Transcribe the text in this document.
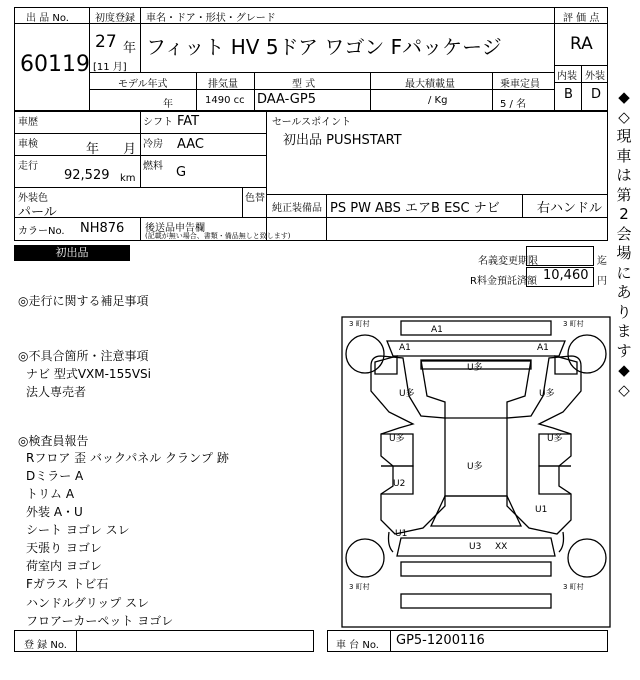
出 品 No.
60119
初度登録
27 年
[11 月]
車名・ドア・形状・グレード
フィット HV 5ドア ワゴン Fパッケージ
評 価 点
RA
内装 外装
B D
モデル年式
年
排気量
1490 cc
型 式
DAA-GP5
最大積載量
/ Kg
乗車定員
5 / 名
車歴
車検	年 月
走行
92,529 km
シフト FAT
冷房 AAC
燃料 G
外装色
パール
色替
カラーNo. NH876 後送品申告欄
(記載が無い場合、書類・備品無しと致します)
セールスポイント
初出品 PUSHSTART
純正装備品 PS PW ABS エアB ESC ナビ	右ハンドル
初出品
名義変更期限	迄
R料金預託済額 10,460 円
◎走行に関する補足事項
◎不具合箇所・注意事項
ナビ 型式VXM-155VSi
法人専売者
◎検査員報告
Rフロア 歪 バックパネル クランプ 跡
Dミラー A
トリム A
外装 A・U
シート ヨゴレ スレ
天張り ヨゴレ
荷室内 ヨゴレ
Fガラス トビ石
ハンドルグリップ スレ
フロアーカーペット ヨゴレ
3 町村	3 町村
3 町村	3 町村
A1
A1	A1
U多
U多	U多
U多	U多
U多
U2
U1
U1
U3 XX
登 録 No.	車 台 No. GP5-1200116
◆◇現車は第2会場にあります◆◇
